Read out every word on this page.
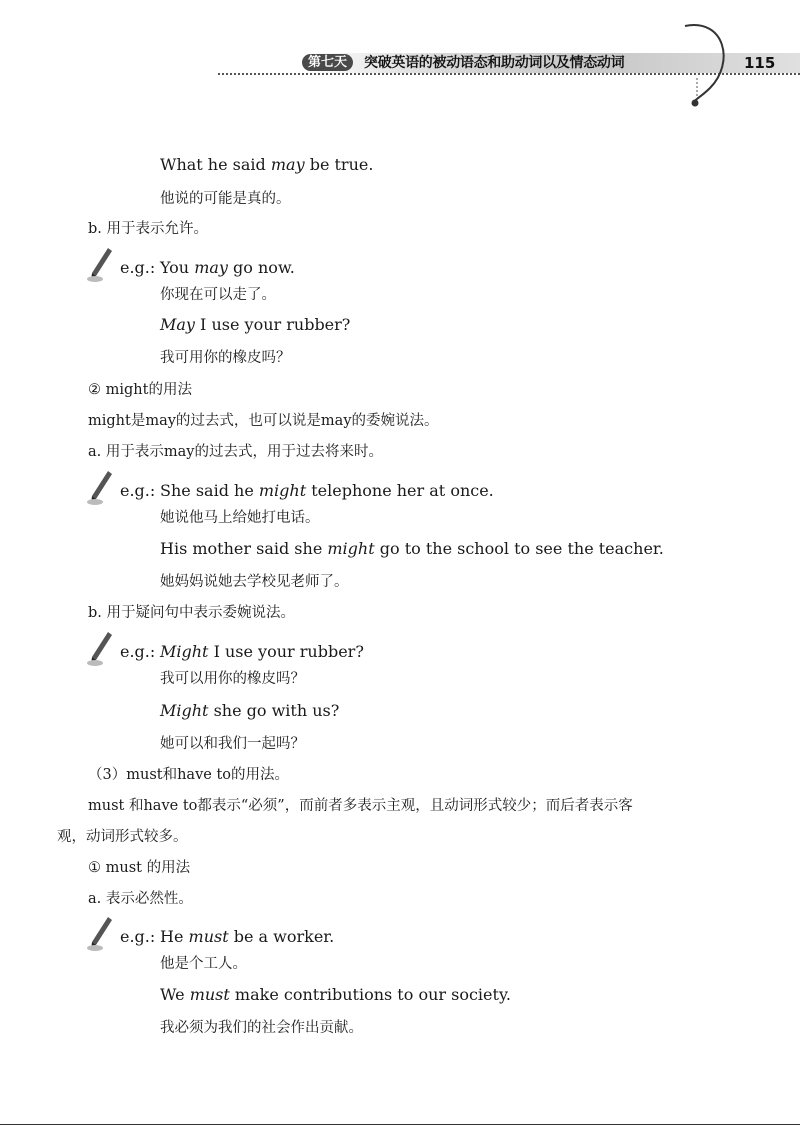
第七天	突破英语的被动语态和助动词以及情态动词	115

What he said may be true.

他说的可能是真的。

b. 用于表示允许。

e.g.: You may go now.

你现在可以走了。

May I use your rubber?

我可用你的橡皮吗？

② might的用法

might是may的过去式，也可以说是may的委婉说法。

a. 用于表示may的过去式，用于过去将来时。

e.g.: She said he might telephone her at once.

她说他马上给她打电话。

His mother said she might go to the school to see the teacher.

她妈妈说她去学校见老师了。

b. 用于疑问句中表示委婉说法。

e.g.: Might I use your rubber?

我可以用你的橡皮吗？

Might she go with us?

她可以和我们一起吗？

（3）must和have to的用法。

must 和have to都表示“必须”，而前者多表示主观，且动词形式较少；而后者表示客

观，动词形式较多。

① must 的用法

a. 表示必然性。

e.g.: He must be a worker.

他是个工人。

We must make contributions to our society.

我必须为我们的社会作出贡献。
